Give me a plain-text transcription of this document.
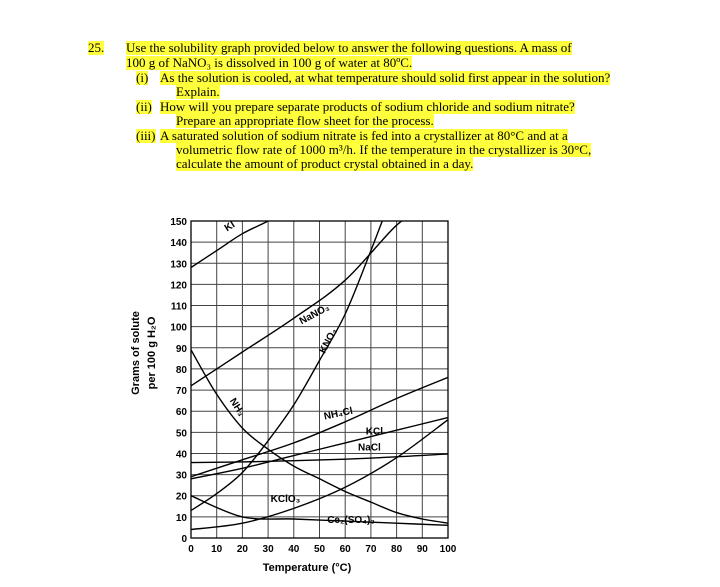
25. Use the solubility graph provided below to answer the following questions. A mass of
100 g of NaNO₃ is dissolved in 100 g of water at 80ºC.
(i) As the solution is cooled, at what temperature should solid first appear in the solution?
Explain.
(ii) How will you prepare separate products of sodium chloride and sodium nitrate?
Prepare an appropriate flow sheet for the process.
(iii) A saturated solution of sodium nitrate is fed into a crystallizer at 80°C and at a
volumetric flow rate of 1000 m³/h. If the temperature in the crystallizer is 30°C,
calculate the amount of product crystal obtained in a day.
10
20
30
40
50
60
70
80
90
100
110
120
130
140
150
0
0 10 20 30 40 50 60 70 80 90 100
KI
NaNO₃
KNO₃
NH₃	NH₄Cl
KCl
NaCl
KClO₃
Ce₂(SO₄)₃
Temperature (°C)
Grams of solute per 100 g H₂O
